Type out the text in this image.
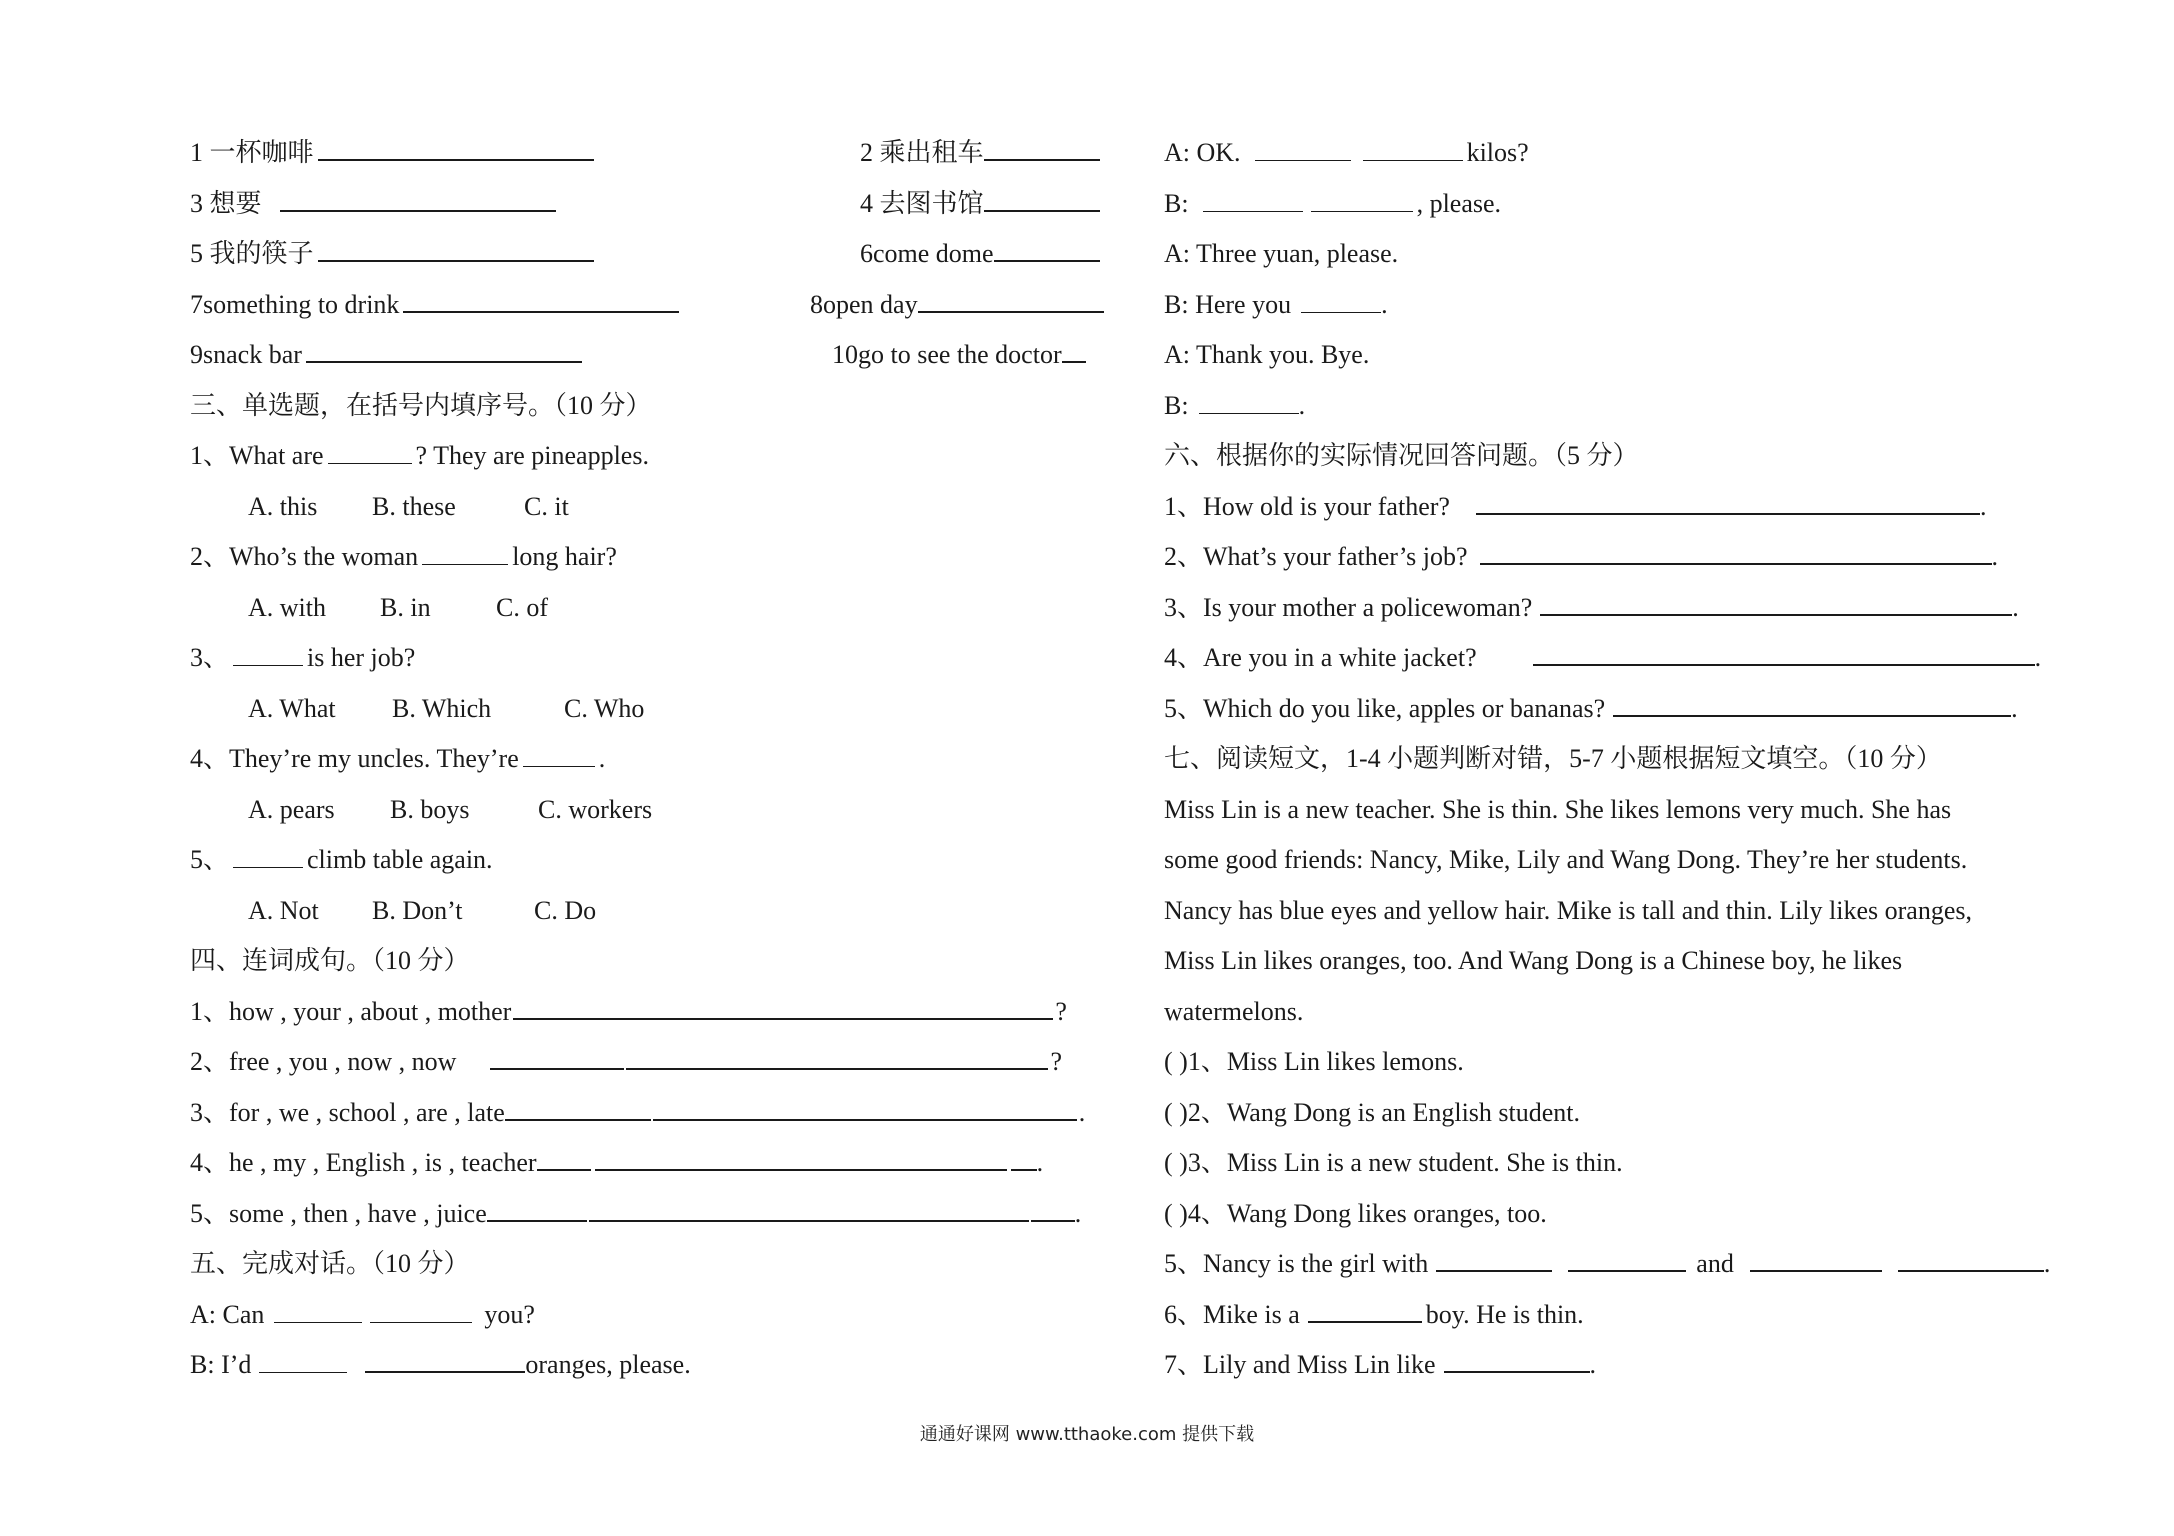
1 一杯咖啡	2 乘出租车
3 想要	4 去图书馆
5 我的筷子	6come dome
7something to drink	8open day
9snack bar	10go to see the doctor
三、单选题，在括号内填序号。（10 分）
1、What are	? They are pineapples.
A. this B. these	C. it
2、Who’s the woman	long hair?
A. with B. in	C. of
3、	is her job?
A. What B. Which	C. Who
4、They’re my uncles. They’re	.
A. pears B. boys	C. workers
5、	climb table again.
A. Not B. Don’t	C. Do
四、连词成句。（10 分）
1、how , your , about , mother	?
2、free , you , now , now	?
3、for , we , school , are , late	.
4、he , my , English , is , teacher	.
5、some , then , have , juice	.
五、完成对话。（10 分）
A: Can	you?
B: I’d	oranges, please.
A: OK.	kilos?
B:	, please.
A: Three yuan, please.
B: Here you	.
A: Thank you. Bye.
B:	.
六、根据你的实际情况回答问题。（5 分）
1、How old is your father?	.
2、What’s your father’s job?	.
3、Is your mother a policewoman?	.
4、Are you in a white jacket?	.
5、Which do you like, apples or bananas?	.
七、阅读短文，1-4 小题判断对错，5-7 小题根据短文填空。（10 分）
Miss Lin is a new teacher. She is thin. She likes lemons very much. She has
some good friends: Nancy, Mike, Lily and Wang Dong. They’re her students.
Nancy has blue eyes and yellow hair. Mike is tall and thin. Lily likes oranges,
Miss Lin likes oranges, too. And Wang Dong is a Chinese boy, he likes
watermelons.
( )1、Miss Lin likes lemons.
( )2、Wang Dong is an English student.
( )3、Miss Lin is a new student. She is thin.
( )4、Wang Dong likes oranges, too.
5、Nancy is the girl with	and	.
6、Mike is a	boy. He is thin.
7、Lily and Miss Lin like	.
通通好课网 www.tthaoke.com 提供下载
